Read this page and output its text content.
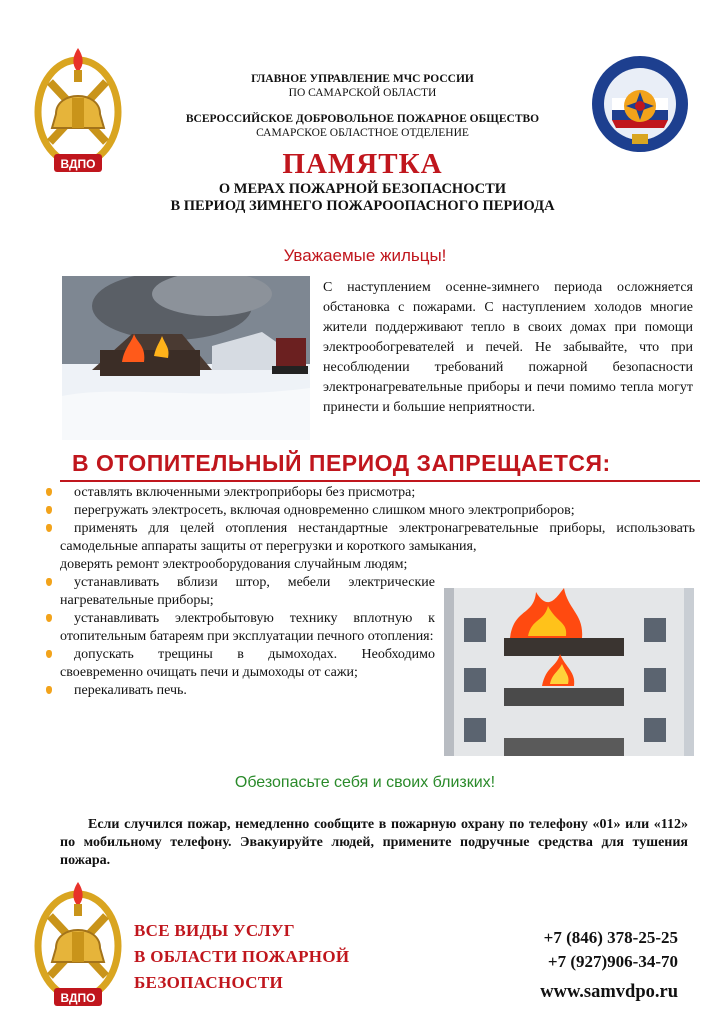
ВДПО
ГЛАВНОЕ УПРАВЛЕНИЕ МЧС РОССИИ
ПО САМАРСКОЙ ОБЛАСТИ
ВСЕРОССИЙСКОЕ ДОБРОВОЛЬНОЕ ПОЖАРНОЕ ОБЩЕСТВО
САМАРСКОЕ ОБЛАСТНОЕ ОТДЕЛЕНИЕ
ПАМЯТКА
О МЕРАХ ПОЖАРНОЙ БЕЗОПАСНОСТИ
В ПЕРИОД ЗИМНЕГО ПОЖАРООПАСНОГО ПЕРИОДА
Уважаемые жильцы!
С наступлением осенне-зимнего периода осложняется обстановка с пожарами. С наступлением холодов многие жители поддерживают тепло в своих домах при помощи электрообогревателей и печей. Не забывайте, что при несоблюдении требований пожарной безопасности электронагревательные приборы и печи помимо тепла могут принести и большие неприятности.
В ОТОПИТЕЛЬНЫЙ ПЕРИОД ЗАПРЕЩАЕТСЯ:

оставлять включенными электроприборы без присмотра;

перегружать электросеть, включая одновременно слишком много электроприборов;

применять для целей отопления нестандартные электронагревательные приборы, использовать самодельные аппараты защиты от перегрузки и короткого замыкания,

доверять ремонт электрооборудования случайным людям;

устанавливать вблизи штор, мебели электрические нагревательные приборы;

устанавливать электробытовую технику вплотную к отопительным батареям при эксплуатации печного отопления:

допускать трещины в дымоходах. Необходимо своевременно очищать печи и дымоходы от сажи;

перекаливать печь.

Обезопасьте себя и своих близких!
Если случился пожар, немедленно сообщите в пожарную охрану по телефону «01» или «112» по мобильному телефону. Эвакуируйте людей, примените подручные средства для тушения пожара.
ВДПО
ВСЕ ВИДЫ УСЛУГ
В ОБЛАСТИ ПОЖАРНОЙ
БЕЗОПАСНОСТИ
+7 (846) 378-25-25
+7 (927)906-34-70
www.samvdpo.ru
